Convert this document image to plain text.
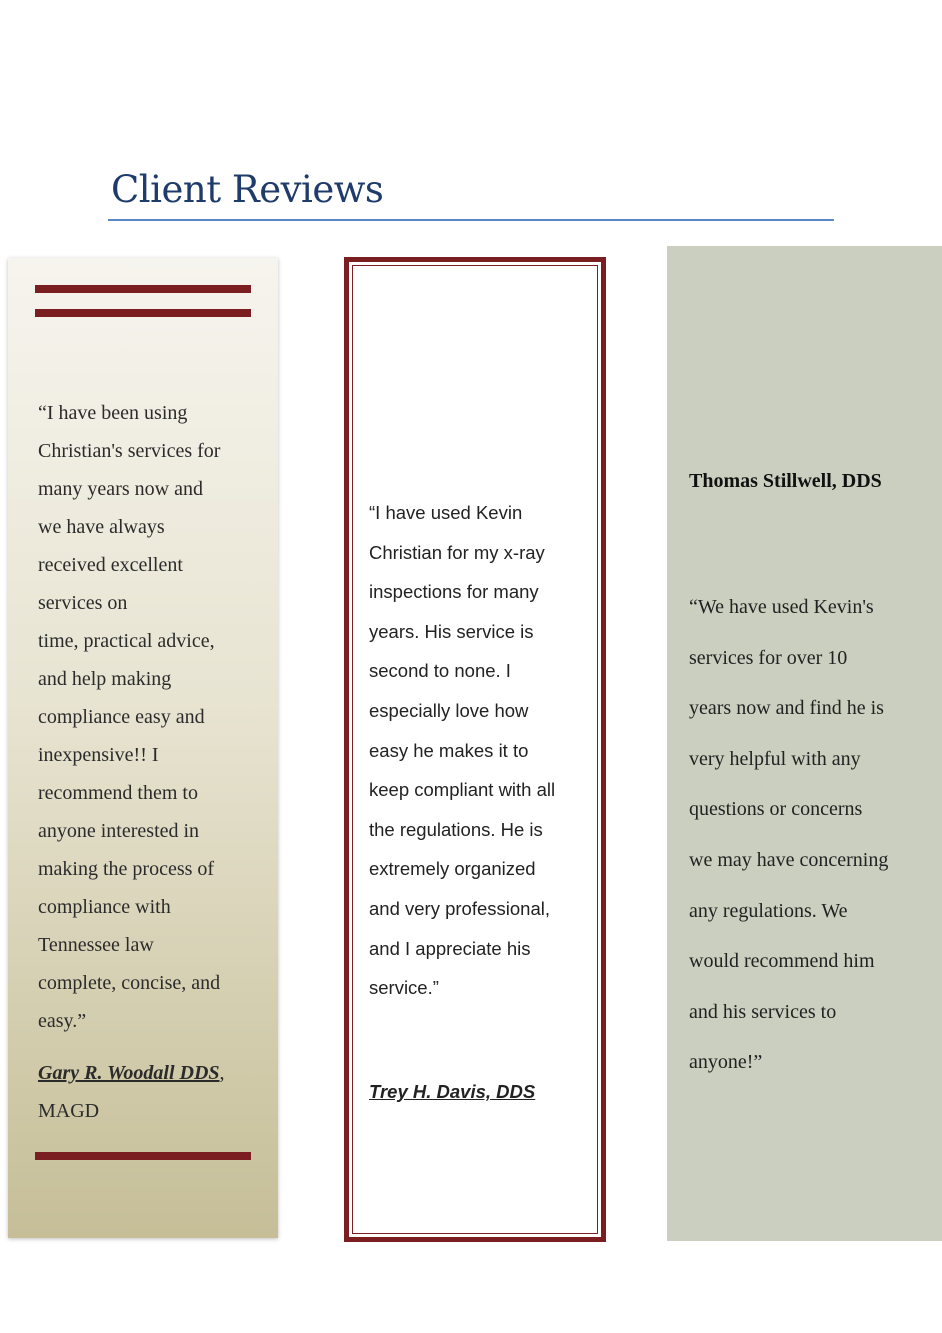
Client Reviews
“I have been using
Christian's services for
many years now and
we have always
received excellent
services on
time, practical advice,
and help making
compliance easy and
inexpensive!! I
recommend them to
anyone interested in
making the process of
compliance with
Tennessee law
complete, concise, and
easy.”
Gary R. Woodall DDS,
MAGD
“I have used Kevin
Christian for my x-ray
inspections for many
years. His service is
second to none. I
especially love how
easy he makes it to
keep compliant with all
the regulations. He is
extremely organized
and very professional,
and I appreciate his
service.”
Trey H. Davis, DDS
Thomas Stillwell, DDS
“We have used Kevin's
services for over 10
years now and find he is
very helpful with any
questions or concerns
we may have concerning
any regulations. We
would recommend him
and his services to
anyone!”
